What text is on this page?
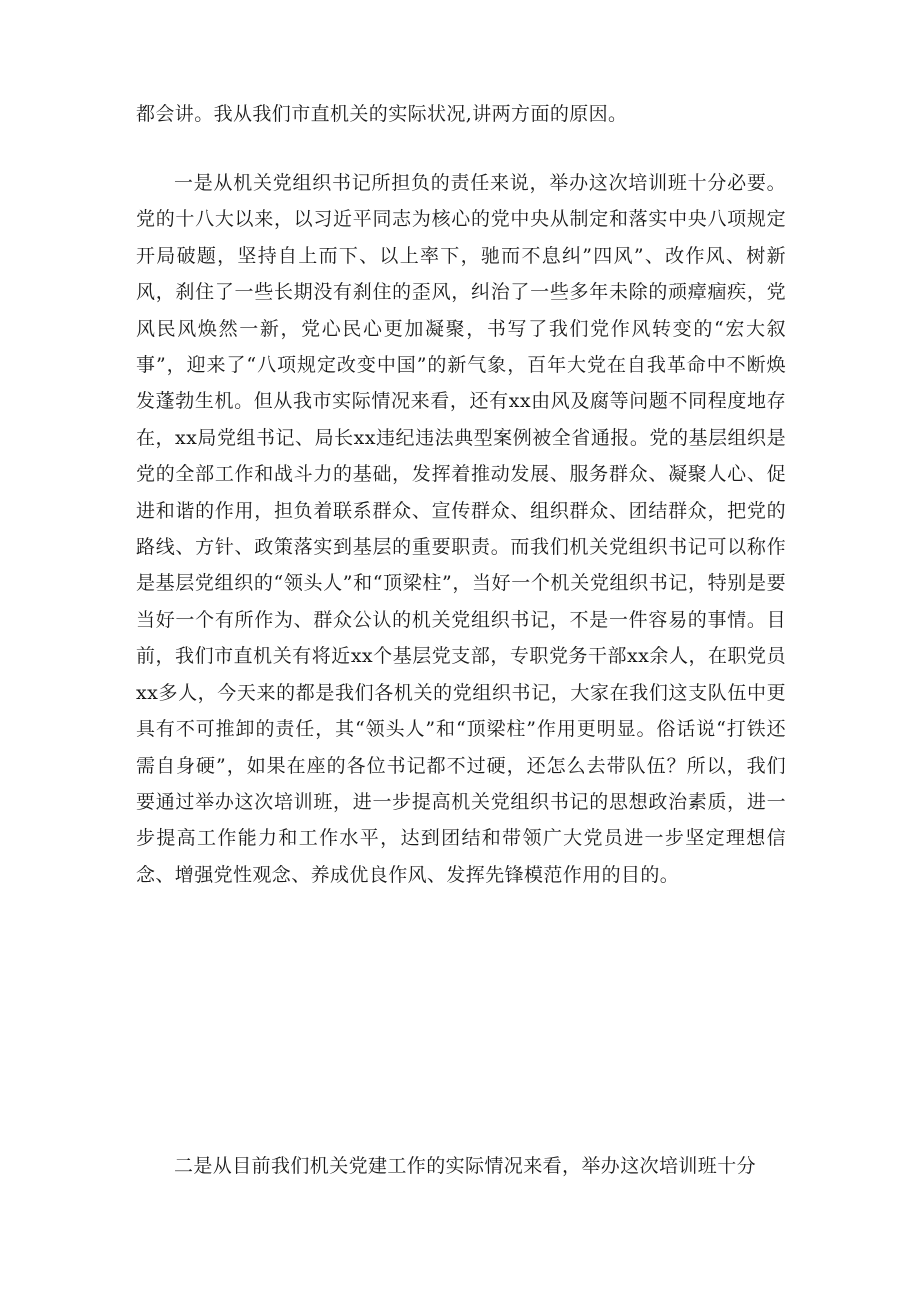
都会讲。我从我们市直机关的实际状况,讲两方面的原因。

一是从机关党组织书记所担负的责任来说，举办这次培训班十分必要。党的十八大以来，以习近平同志为核心的党中央从制定和落实中央八项规定开局破题，坚持自上而下、以上率下，驰而不息纠”四风”、改作风、树新风，刹住了一些长期没有刹住的歪风，纠治了一些多年未除的顽瘴痼疾，党风民风焕然一新，党心民心更加凝聚，书写了我们党作风转变的“宏大叙事”，迎来了“八项规定改变中国”的新气象，百年大党在自我革命中不断焕发蓬勃生机。但从我市实际情况来看，还有xx由风及腐等问题不同程度地存在，xx局党组书记、局长xx违纪违法典型案例被全省通报。党的基层组织是党的全部工作和战斗力的基础，发挥着推动发展、服务群众、凝聚人心、促进和谐的作用，担负着联系群众、宣传群众、组织群众、团结群众，把党的路线、方针、政策落实到基层的重要职责。而我们机关党组织书记可以称作是基层党组织的“领头人”和“顶梁柱”，当好一个机关党组织书记，特别是要当好一个有所作为、群众公认的机关党组织书记，不是一件容易的事情。目前，我们市直机关有将近xx个基层党支部，专职党务干部xx余人，在职党员xx多人，今天来的都是我们各机关的党组织书记，大家在我们这支队伍中更具有不可推卸的责任，其“领头人”和“顶梁柱”作用更明显。俗话说“打铁还需自身硬”，如果在座的各位书记都不过硬，还怎么去带队伍？所以，我们要通过举办这次培训班，进一步提高机关党组织书记的思想政治素质，进一步提高工作能力和工作水平，达到团结和带领广大党员进一步坚定理想信念、增强党性观念、养成优良作风、发挥先锋模范作用的目的。

二是从目前我们机关党建工作的实际情况来看，举办这次培训班十分
